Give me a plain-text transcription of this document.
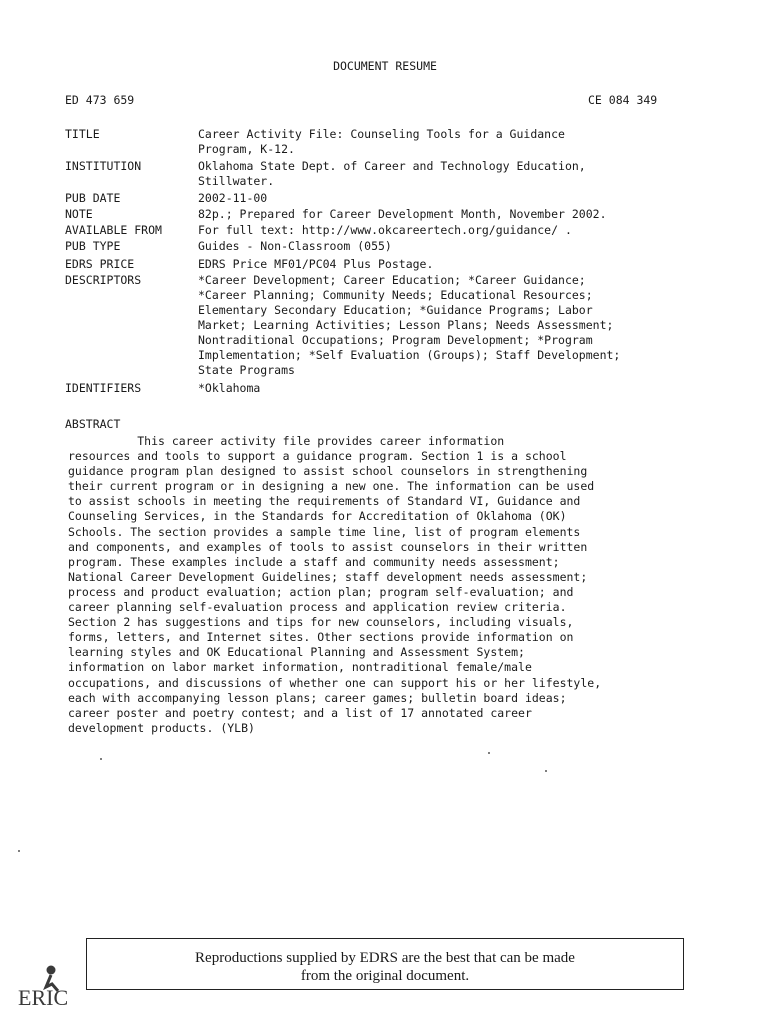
DOCUMENT RESUME
ED 473 659	CE 084 349
TITLE	Career Activity File: Counseling Tools for a Guidance
Program, K-12.
INSTITUTION	Oklahoma State Dept. of Career and Technology Education,
Stillwater.
PUB DATE	2002-11-00
NOTE	82p.; Prepared for Career Development Month, November 2002.
AVAILABLE FROM	For full text: http://www.okcareertech.org/guidance/ .
PUB TYPE	Guides - Non-Classroom (055)
EDRS PRICE	EDRS Price MF01/PC04 Plus Postage.
DESCRIPTORS	*Career Development; Career Education; *Career Guidance;
*Career Planning; Community Needs; Educational Resources;
Elementary Secondary Education; *Guidance Programs; Labor
Market; Learning Activities; Lesson Plans; Needs Assessment;
Nontraditional Occupations; Program Development; *Program
Implementation; *Self Evaluation (Groups); Staff Development;
State Programs
IDENTIFIERS	*Oklahoma
ABSTRACT
This career activity file provides career information
resources and tools to support a guidance program. Section 1 is a school
guidance program plan designed to assist school counselors in strengthening
their current program or in designing a new one. The information can be used
to assist schools in meeting the requirements of Standard VI, Guidance and
Counseling Services, in the Standards for Accreditation of Oklahoma (OK)
Schools. The section provides a sample time line, list of program elements
and components, and examples of tools to assist counselors in their written
program. These examples include a staff and community needs assessment;
National Career Development Guidelines; staff development needs assessment;
process and product evaluation; action plan; program self-evaluation; and
career planning self-evaluation process and application review criteria.
Section 2 has suggestions and tips for new counselors, including visuals,
forms, letters, and Internet sites. Other sections provide information on
learning styles and OK Educational Planning and Assessment System;
information on labor market information, nontraditional female/male
occupations, and discussions of whether one can support his or her lifestyle,
each with accompanying lesson plans; career games; bulletin board ideas;
career poster and poetry contest; and a list of 17 annotated career
development products. (YLB)
Reproductions supplied by EDRS are the best that can be made
from the original document.
ERIC
